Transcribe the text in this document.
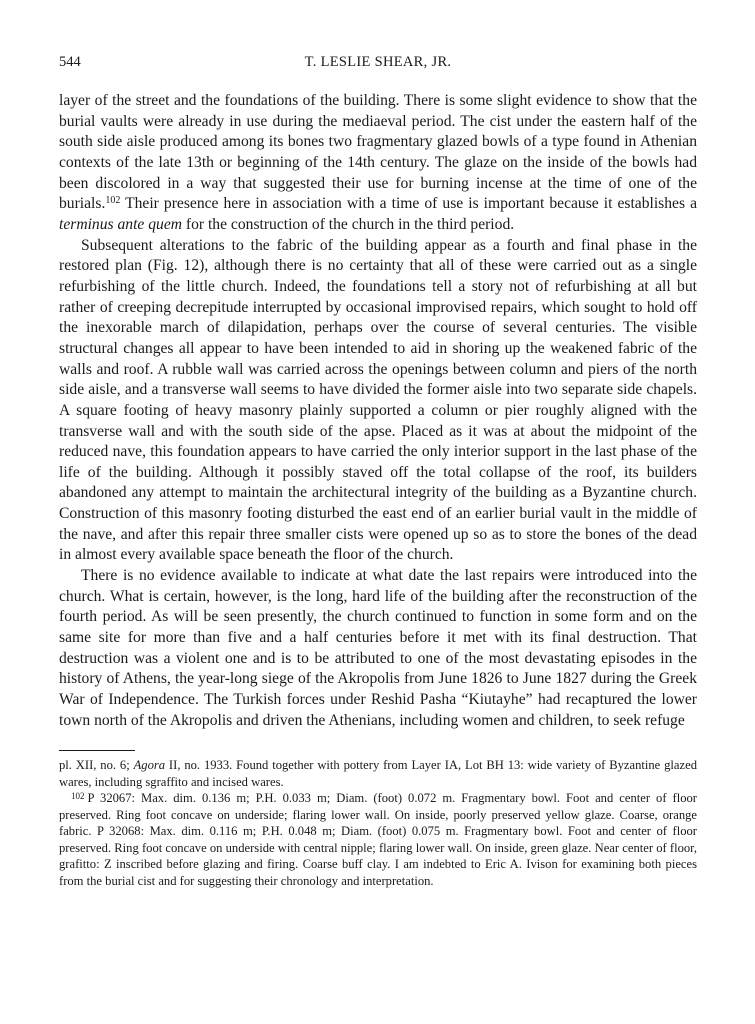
544	T. LESLIE SHEAR, JR.

layer of the street and the foundations of the building. There is some slight evidence to show that the burial vaults were already in use during the mediaeval period. The cist under the eastern half of the south side aisle produced among its bones two fragmentary glazed bowls of a type found in Athenian contexts of the late 13th or beginning of the 14th century. The glaze on the inside of the bowls had been discolored in a way that suggested their use for burning incense at the time of one of the burials.$^{102}$ Their presence here in association with a time of use is important because it establishes a terminus ante quem for the construction of the church in the third period.

Subsequent alterations to the fabric of the building appear as a fourth and final phase in the restored plan (Fig. 12), although there is no certainty that all of these were carried out as a single refurbishing of the little church. Indeed, the foundations tell a story not of refurbishing at all but rather of creeping decrepitude interrupted by occasional improvised repairs, which sought to hold off the inexorable march of dilapidation, perhaps over the course of several centuries. The visible structural changes all appear to have been intended to aid in shoring up the weakened fabric of the walls and roof. A rubble wall was carried across the openings between column and piers of the north side aisle, and a transverse wall seems to have divided the former aisle into two separate side chapels. A square footing of heavy masonry plainly supported a column or pier roughly aligned with the transverse wall and with the south side of the apse. Placed as it was at about the midpoint of the reduced nave, this foundation appears to have carried the only interior support in the last phase of the life of the building. Although it possibly staved off the total collapse of the roof, its builders abandoned any attempt to maintain the architectural integrity of the building as a Byzantine church. Construction of this masonry footing disturbed the east end of an earlier burial vault in the middle of the nave, and after this repair three smaller cists were opened up so as to store the bones of the dead in almost every available space beneath the floor of the church.

There is no evidence available to indicate at what date the last repairs were introduced into the church. What is certain, however, is the long, hard life of the building after the reconstruction of the fourth period. As will be seen presently, the church continued to function in some form and on the same site for more than five and a half centuries before it met with its final destruction. That destruction was a violent one and is to be attributed to one of the most devastating episodes in the history of Athens, the year-long siege of the Akropolis from June 1826 to June 1827 during the Greek War of Independence. The Turkish forces under Reshid Pasha “Kiutayhe” had recaptured the lower town north of the Akropolis and driven the Athenians, including women and children, to seek refuge

pl. XII, no. 6; Agora II, no. 1933. Found together with pottery from Layer IA, Lot BH 13: wide variety of Byzantine glazed wares, including sgraffito and incised wares.

$^{102}$ P 32067: Max. dim. 0.136 m; P.H. 0.033 m; Diam. (foot) 0.072 m. Fragmentary bowl. Foot and center of floor preserved. Ring foot concave on underside; flaring lower wall. On inside, poorly preserved yellow glaze. Coarse, orange fabric. P 32068: Max. dim. 0.116 m; P.H. 0.048 m; Diam. (foot) 0.075 m. Fragmentary bowl. Foot and center of floor preserved. Ring foot concave on underside with central nipple; flaring lower wall. On inside, green glaze. Near center of floor, grafitto: Z inscribed before glazing and firing. Coarse buff clay. I am indebted to Eric A. Ivison for examining both pieces from the burial cist and for suggesting their chronology and interpretation.
